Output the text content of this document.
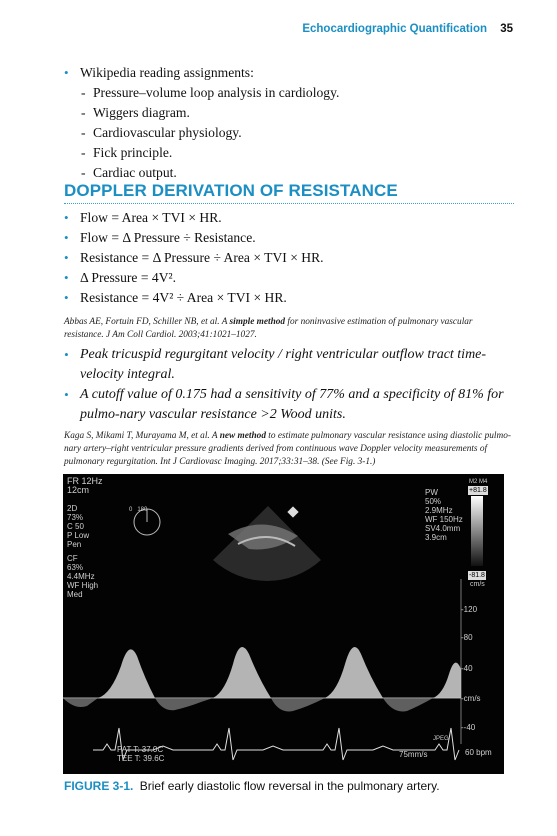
Echocardiographic Quantification 35
• Wikipedia reading assignments:
- Pressure–volume loop analysis in cardiology.
- Wiggers diagram.
- Cardiovascular physiology.
- Fick principle.
- Cardiac output.
DOPPLER DERIVATION OF RESISTANCE
• Flow = Area × TVI × HR.
• Flow = Δ Pressure ÷ Resistance.
• Resistance = Δ Pressure ÷ Area × TVI × HR.
• Δ Pressure = 4V².
• Resistance = 4V² ÷ Area × TVI × HR.
Abbas AE, Fortuin FD, Schiller NB, et al. A simple method for noninvasive estimation of pulmonary vascular resistance. J Am Coll Cardiol. 2003;41:1021–1027.
• Peak tricuspid regurgitant velocity / right ventricular outflow tract time-velocity integral.
• A cutoff value of 0.175 had a sensitivity of 77% and a specificity of 81% for pulmo-nary vascular resistance >2 Wood units.
Kaga S, Mikami T, Murayama M, et al. A new method to estimate pulmonary vascular resistance using diastolic pulmo-nary artery–right ventricular pressure gradients derived from continuous wave Doppler velocity measurements of pulmonary regurgitation. Int J Cardiovasc Imaging. 2017;33:31–38. (See Fig. 3-1.)
FR 12Hz
12cm
2D
73%
C 50
P Low
Pen
CF
63%
4.4MHz
WF High
Med
0   180
PW
50%
2.9MHz
WF 150Hz
SV4.0mm
3.9cm
M2 M4
+81.8
-81.8
cm/s
-120
-80
-40
-cm/s
--40
JPEG
PAT T: 37.0C
TEE T: 39.6C	75mm/s	60 bpm
FIGURE 3-1. Brief early diastolic flow reversal in the pulmonary artery.
